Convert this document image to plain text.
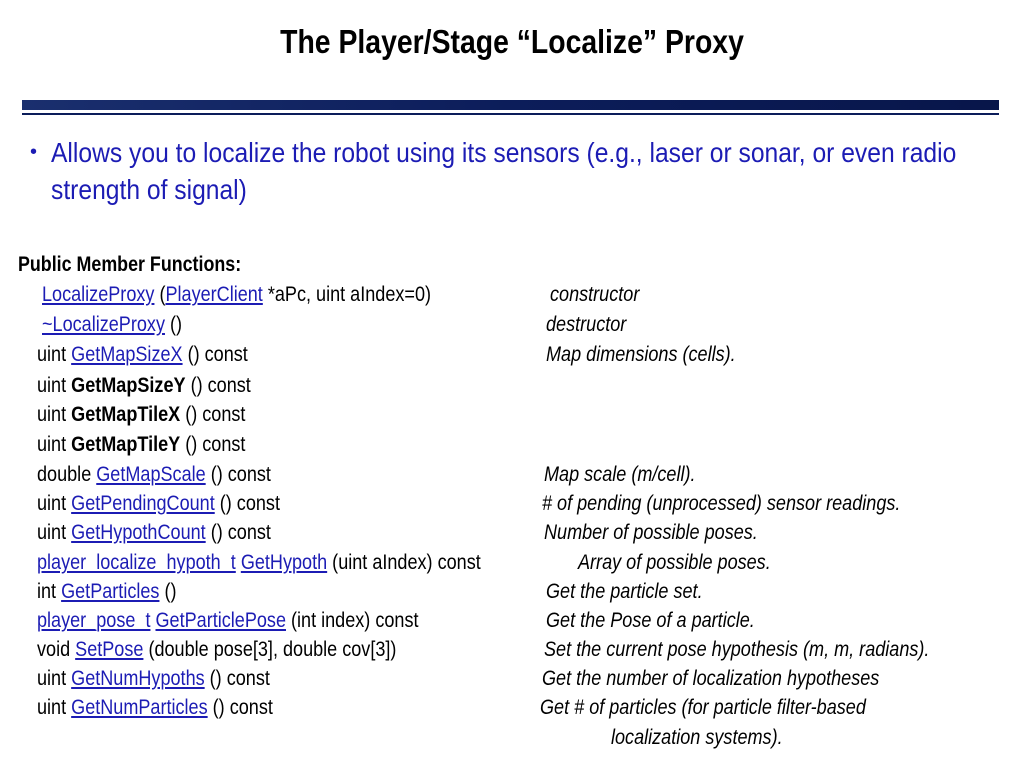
The Player/Stage “Localize” Proxy
• Allows you to localize the robot using its sensors (e.g., laser or sonar, or even radio strength of signal)
Public Member Functions:
LocalizeProxy (PlayerClient *aPc, uint aIndex=0)	constructor
~LocalizeProxy ()	destructor
uint GetMapSizeX () const	Map dimensions (cells).
uint GetMapSizeY () const
uint GetMapTileX () const
uint GetMapTileY () const
double GetMapScale () const	Map scale (m/cell).
uint GetPendingCount () const	# of pending (unprocessed) sensor readings.
uint GetHypothCount () const	Number of possible poses.
player_localize_hypoth_t GetHypoth (uint aIndex) const	Array of possible poses.
int GetParticles ()	Get the particle set.
player_pose_t GetParticlePose (int index) const	Get the Pose of a particle.
void SetPose (double pose[3], double cov[3])	Set the current pose hypothesis (m, m, radians).
uint GetNumHypoths () const	Get the number of localization hypotheses
uint GetNumParticles () const	Get # of particles (for particle filter-based
localization systems).
